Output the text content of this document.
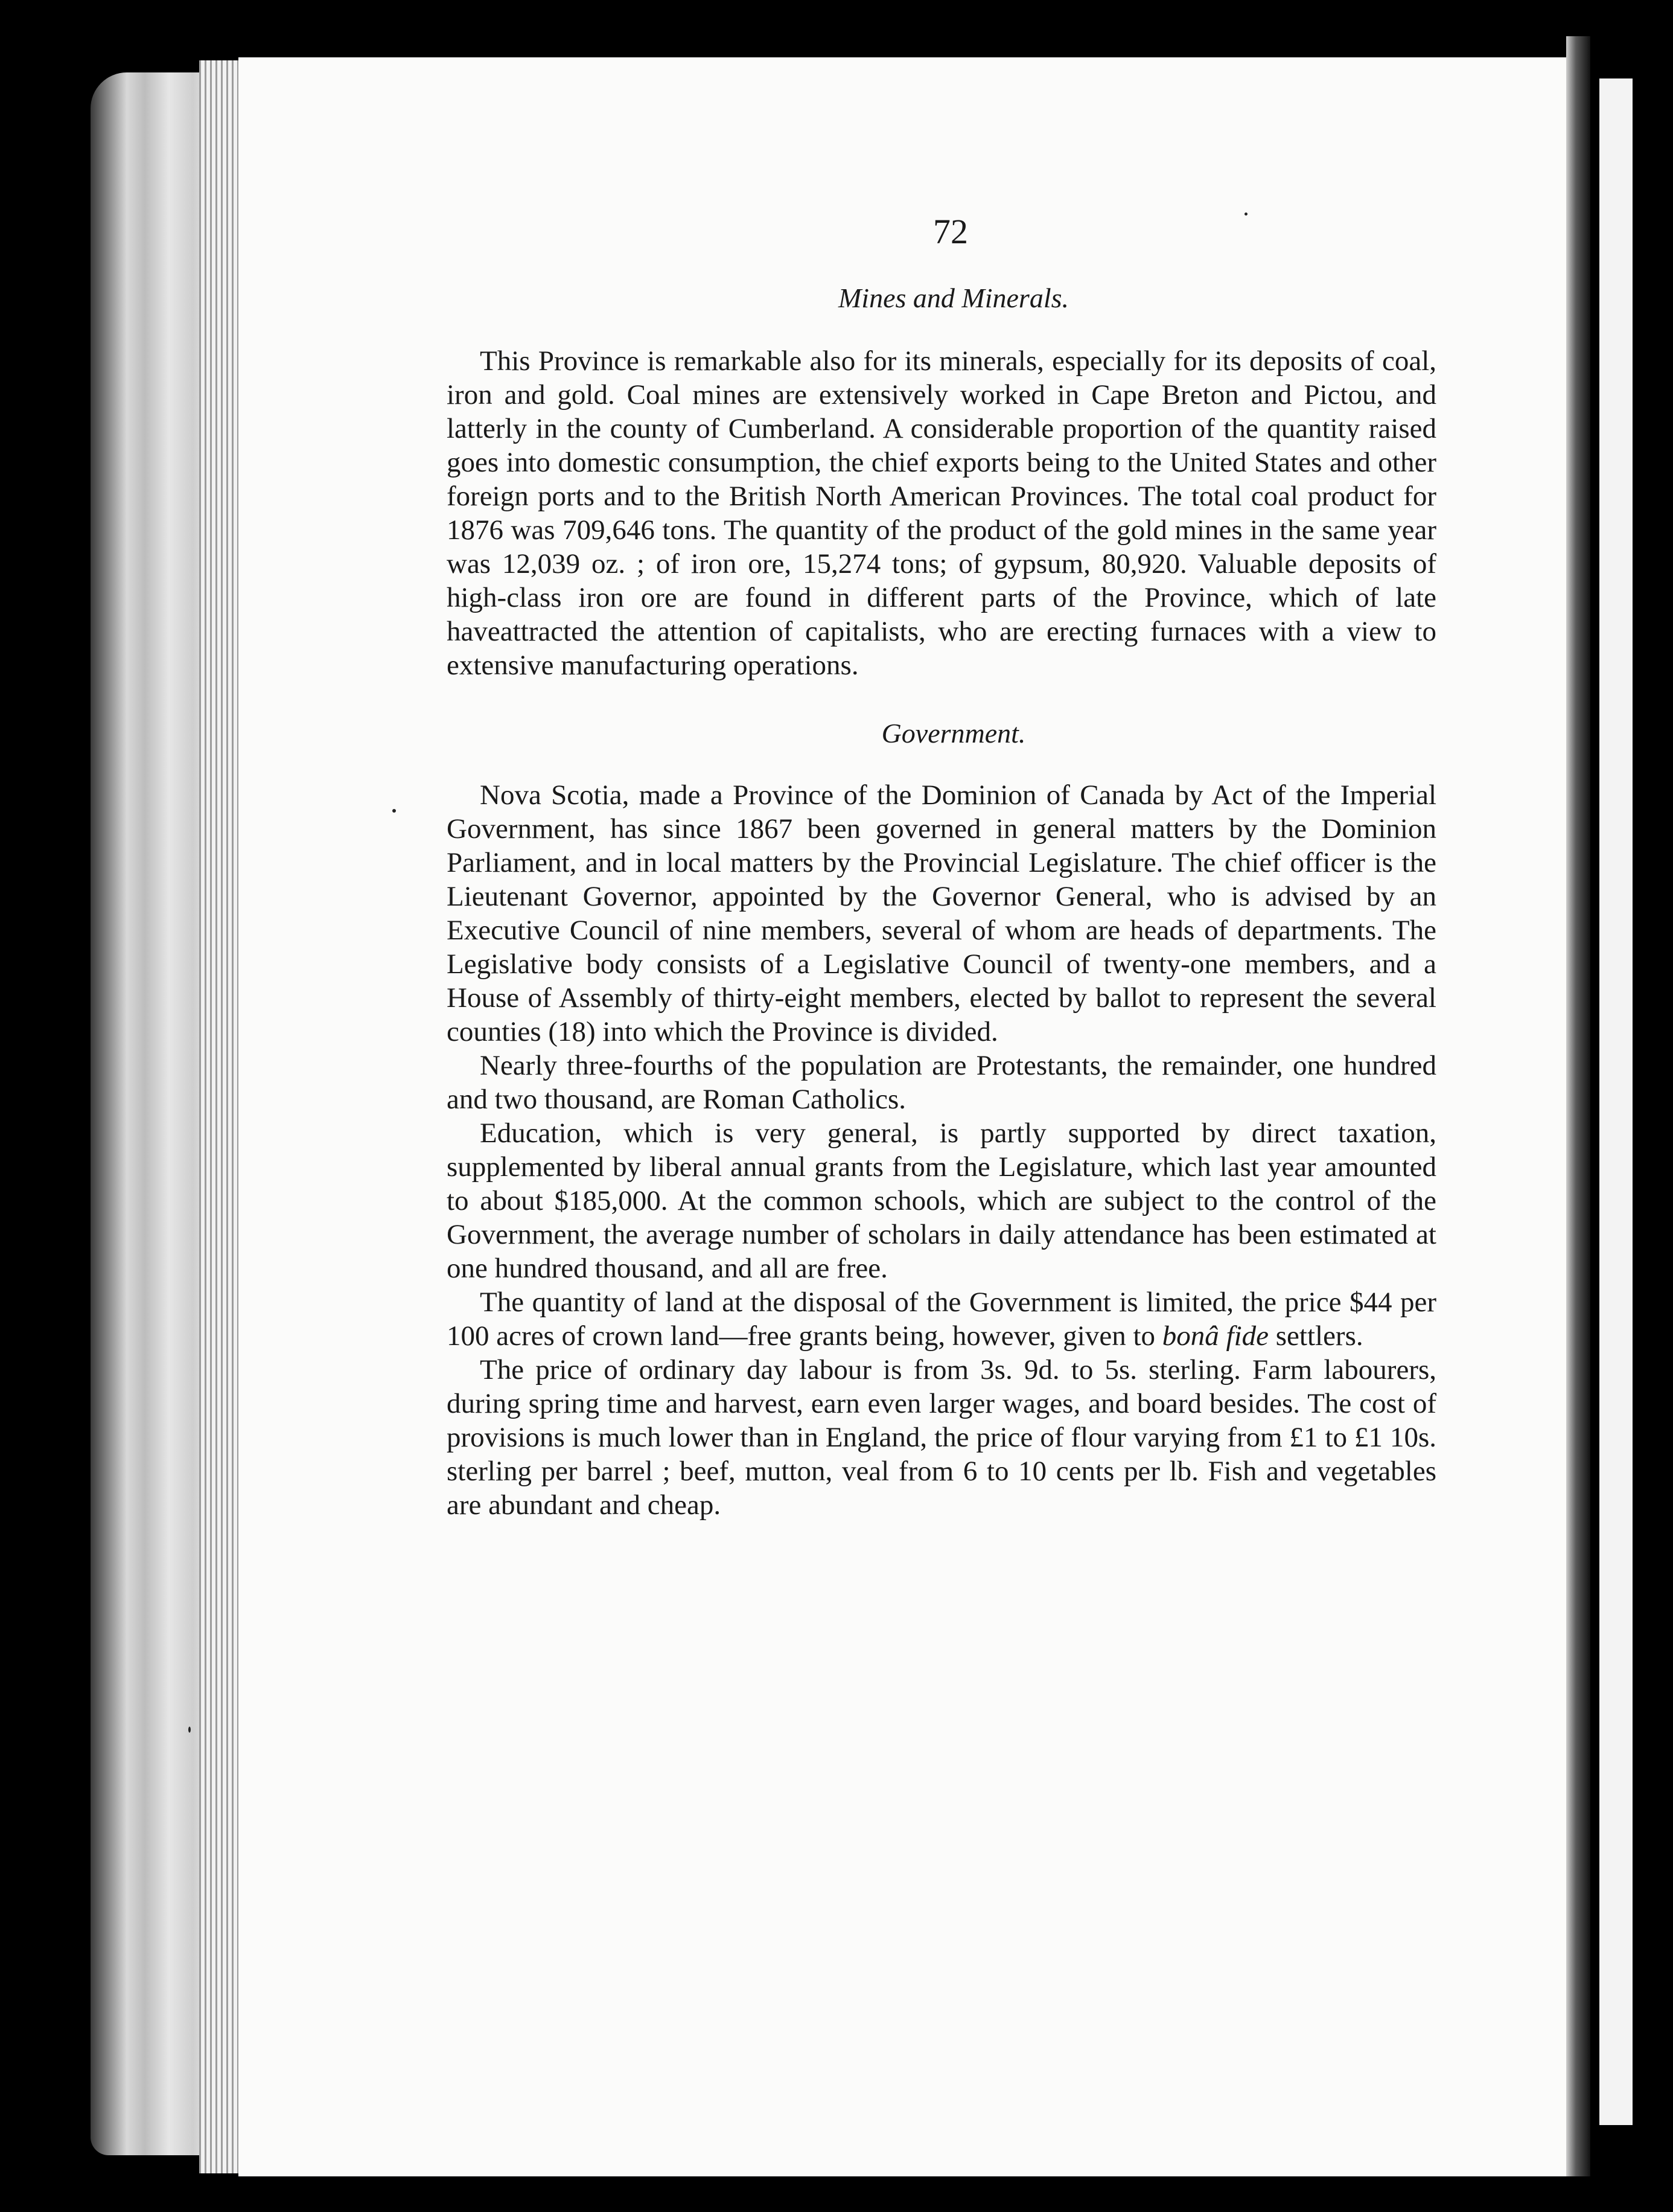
72
Mines and Minerals.

This Province is remarkable also for its minerals, especially for its deposits of coal, iron and gold. Coal mines are extensively worked in Cape Breton and Pictou, and latterly in the county of Cumberland. A considerable proportion of the quantity raised goes into domestic consumption, the chief exports being to the United States and other foreign ports and to the British North American Provinces. The total coal product for 1876 was 709,646 tons. The quantity of the product of the gold mines in the same year was 12,039 oz. ; of iron ore, 15,274 tons; of gypsum, 80,920. Valuable deposits of high-class iron ore are found in different parts of the Province, which of late haveattracted the attention of capitalists, who are erecting furnaces with a view to extensive manufacturing operations.

Government.

Nova Scotia, made a Province of the Dominion of Canada by Act of the Imperial Government, has since 1867 been governed in general matters by the Dominion Parliament, and in local matters by the Provincial Legislature. The chief officer is the Lieutenant Governor, appointed by the Governor General, who is advised by an Executive Council of nine members, several of whom are heads of departments. The Legislative body consists of a Legislative Council of twenty-one members, and a House of Assembly of thirty-eight members, elected by ballot to represent the several counties (18) into which the Province is divided.

Nearly three-fourths of the population are Protestants, the remainder, one hundred and two thousand, are Roman Catholics.

Education, which is very general, is partly supported by direct taxation, supplemented by liberal annual grants from the Legislature, which last year amounted to about $185,000. At the common schools, which are subject to the control of the Government, the average number of scholars in daily attendance has been estimated at one hundred thousand, and all are free.

The quantity of land at the disposal of the Government is limited, the price $44 per 100 acres of crown land—free grants being, however, given to bonâ fide settlers.

The price of ordinary day labour is from 3s. 9d. to 5s. sterling. Farm labourers, during spring time and harvest, earn even larger wages, and board besides. The cost of provisions is much lower than in England, the price of flour varying from £1 to £1 10s. sterling per barrel ; beef, mutton, veal from 6 to 10 cents per lb. Fish and vegetables are abundant and cheap.
